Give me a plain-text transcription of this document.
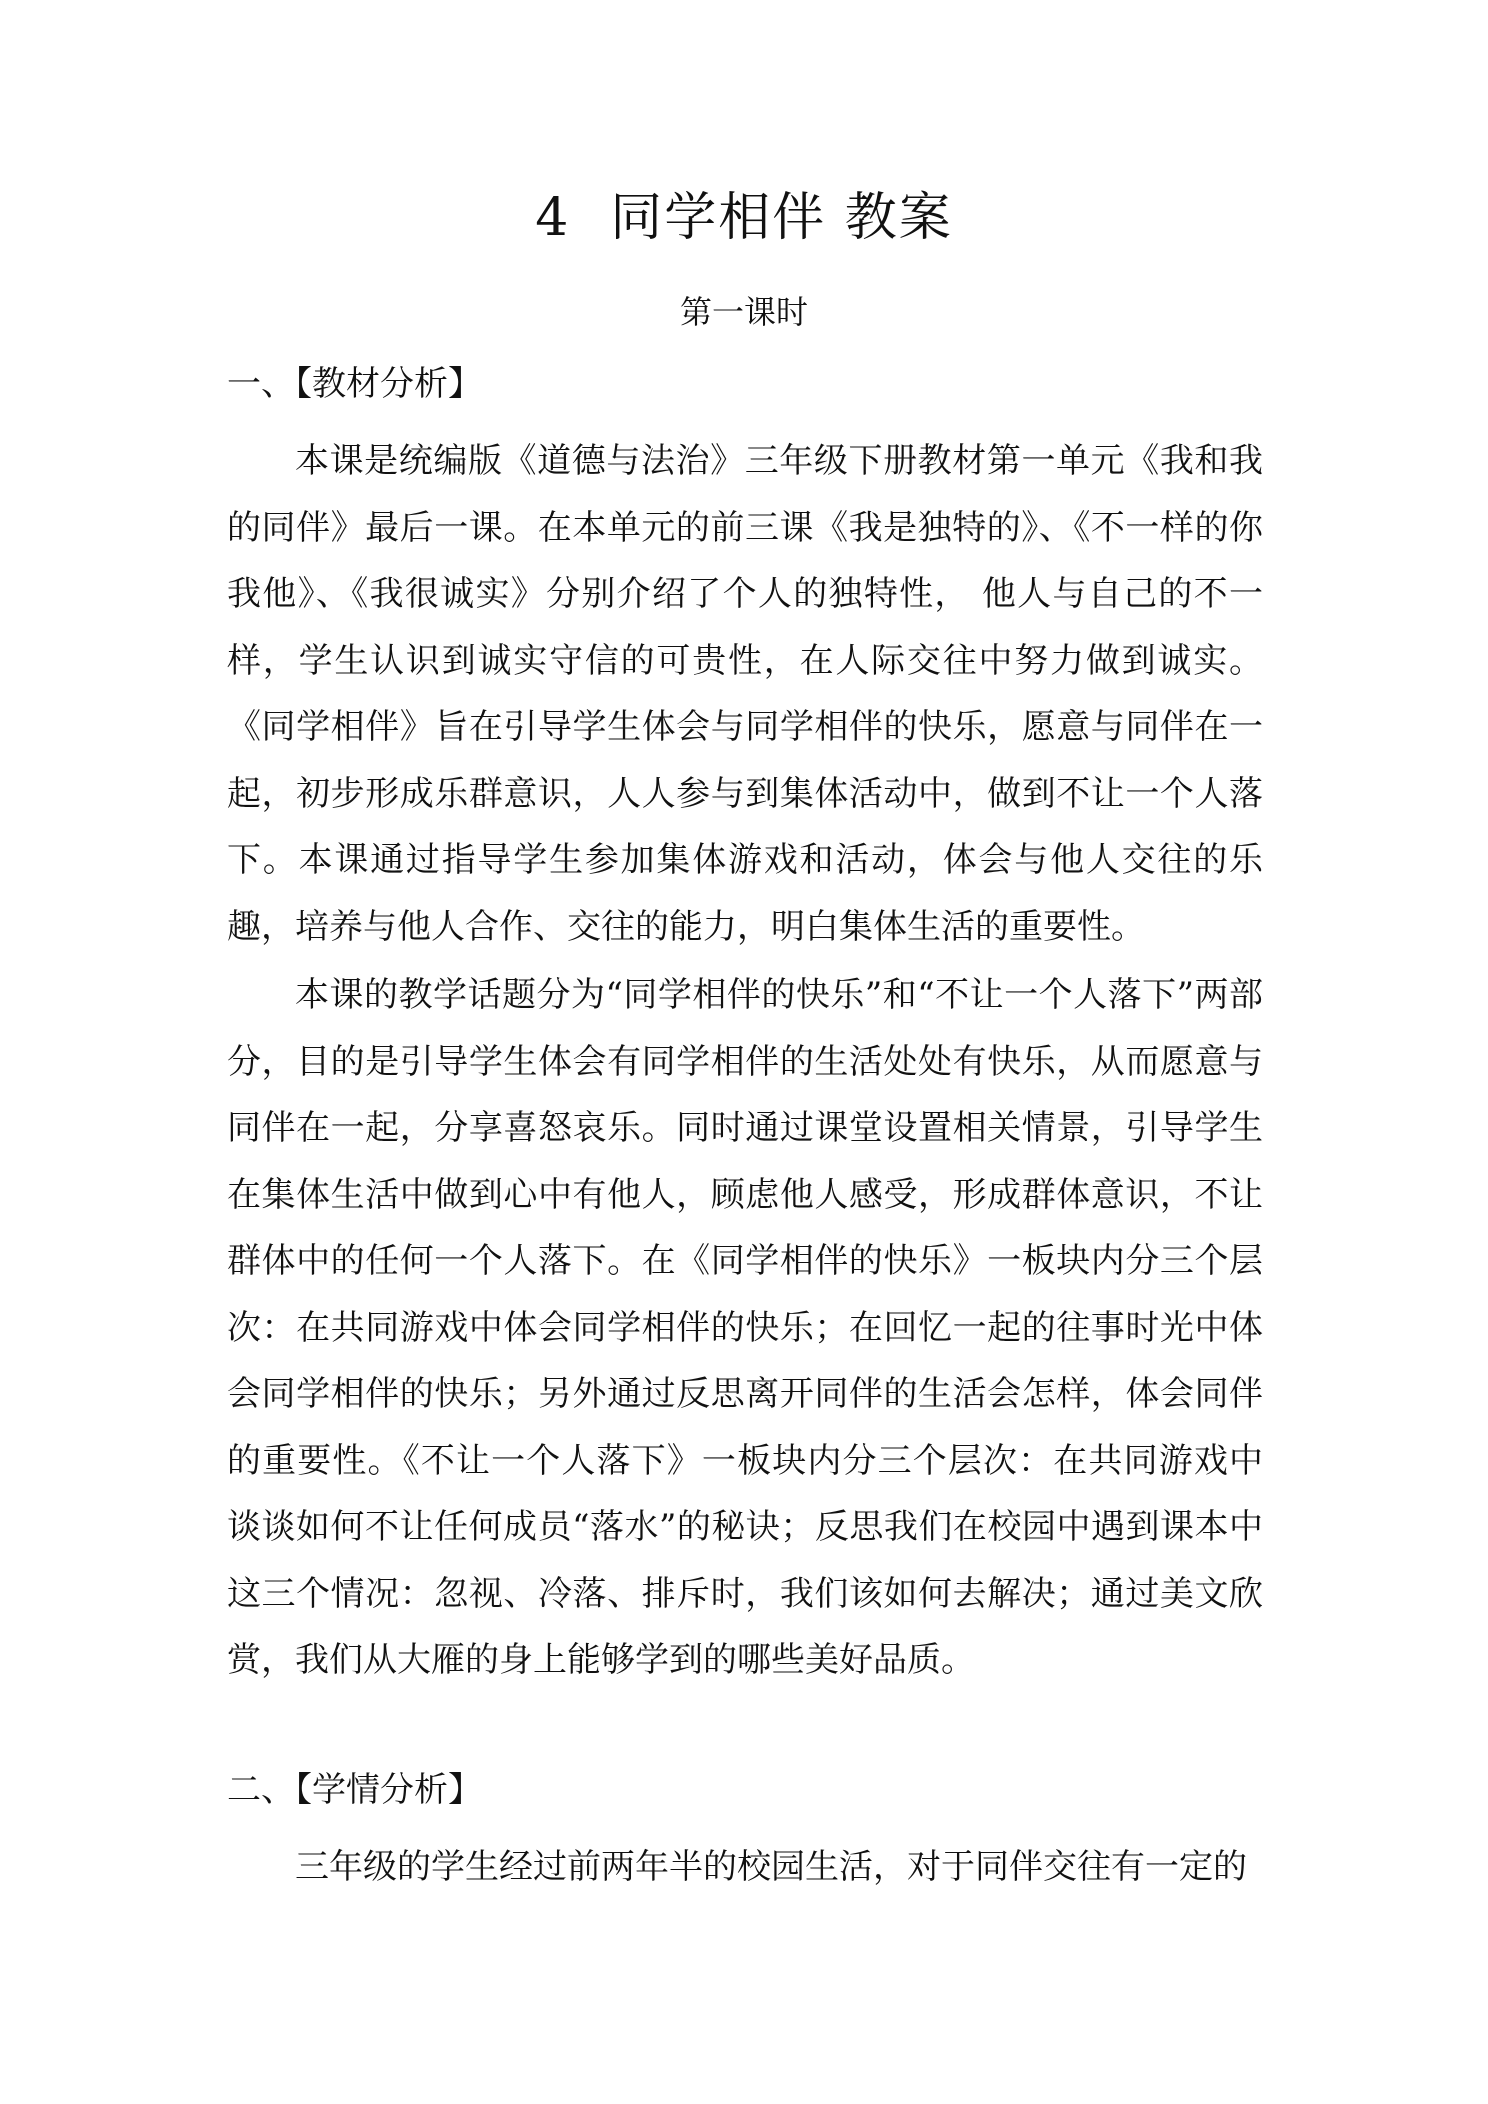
4 同学相伴 教案
第一课时
一、【教材分析】

本课是统编版《道德与法治》三年级下册教材第一单元《我和我的同伴》最后一课。在本单元的前三课《我是独特的》、《不一样的你我他》、《我很诚实》分别介绍了个人的独特性， 他人与自己的不一样，学生认识到诚实守信的可贵性，在人际交往中努力做到诚实。《同学相伴》旨在引导学生体会与同学相伴的快乐，愿意与同伴在一起，初步形成乐群意识，人人参与到集体活动中，做到不让一个人落下。本课通过指导学生参加集体游戏和活动，体会与他人交往的乐趣，培养与他人合作、交往的能力，明白集体生活的重要性。

本课的教学话题分为“同学相伴的快乐”和“不让一个人落下”两部分，目的是引导学生体会有同学相伴的生活处处有快乐，从而愿意与同伴在一起，分享喜怒哀乐。同时通过课堂设置相关情景，引导学生在集体生活中做到心中有他人，顾虑他人感受，形成群体意识，不让群体中的任何一个人落下。在《同学相伴的快乐》一板块内分三个层次：在共同游戏中体会同学相伴的快乐；在回忆一起的往事时光中体会同学相伴的快乐；另外通过反思离开同伴的生活会怎样，体会同伴的重要性。《不让一个人落下》一板块内分三个层次：在共同游戏中谈谈如何不让任何成员“落水”的秘诀；反思我们在校园中遇到课本中这三个情况：忽视、冷落、排斥时，我们该如何去解决；通过美文欣赏，我们从大雁的身上能够学到的哪些美好品质。

二、【学情分析】

三年级的学生经过前两年半的校园生活，对于同伴交往有一定的
